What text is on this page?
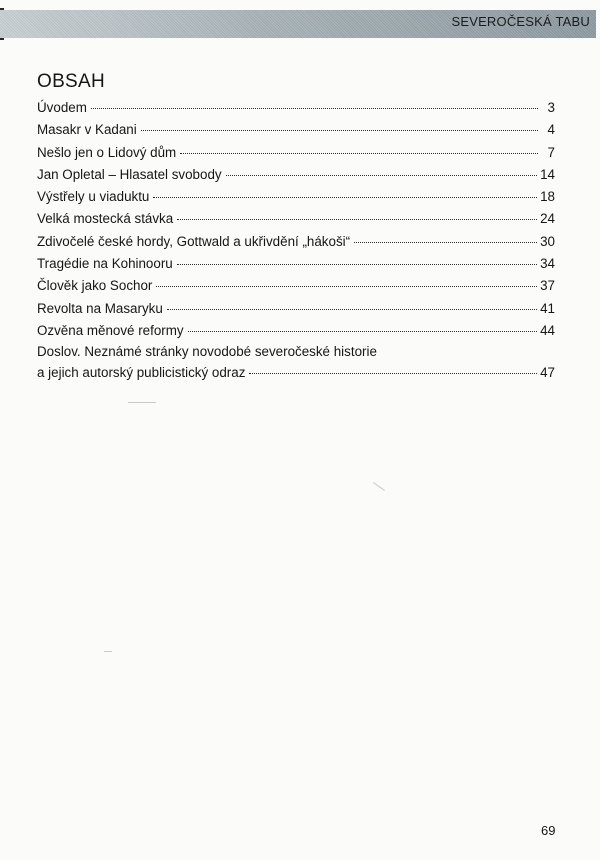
SEVEROČESKÁ TABU
OBSAH
Úvodem	3
Masakr v Kadani	4
Nešlo jen o Lidový dům	7
Jan Opletal – Hlasatel svobody	14
Výstřely u viaduktu	18
Velká mostecká stávka	24
Zdivočelé české hordy, Gottwald a ukřivdění „hákoši“	30
Tragédie na Kohinooru	34
Člověk jako Sochor	37
Revolta na Masaryku	41
Ozvěna měnové reformy	44
Doslov. Neznámé stránky novodobé severočeské historie
a jejich autorský publicistický odraz	47
69
